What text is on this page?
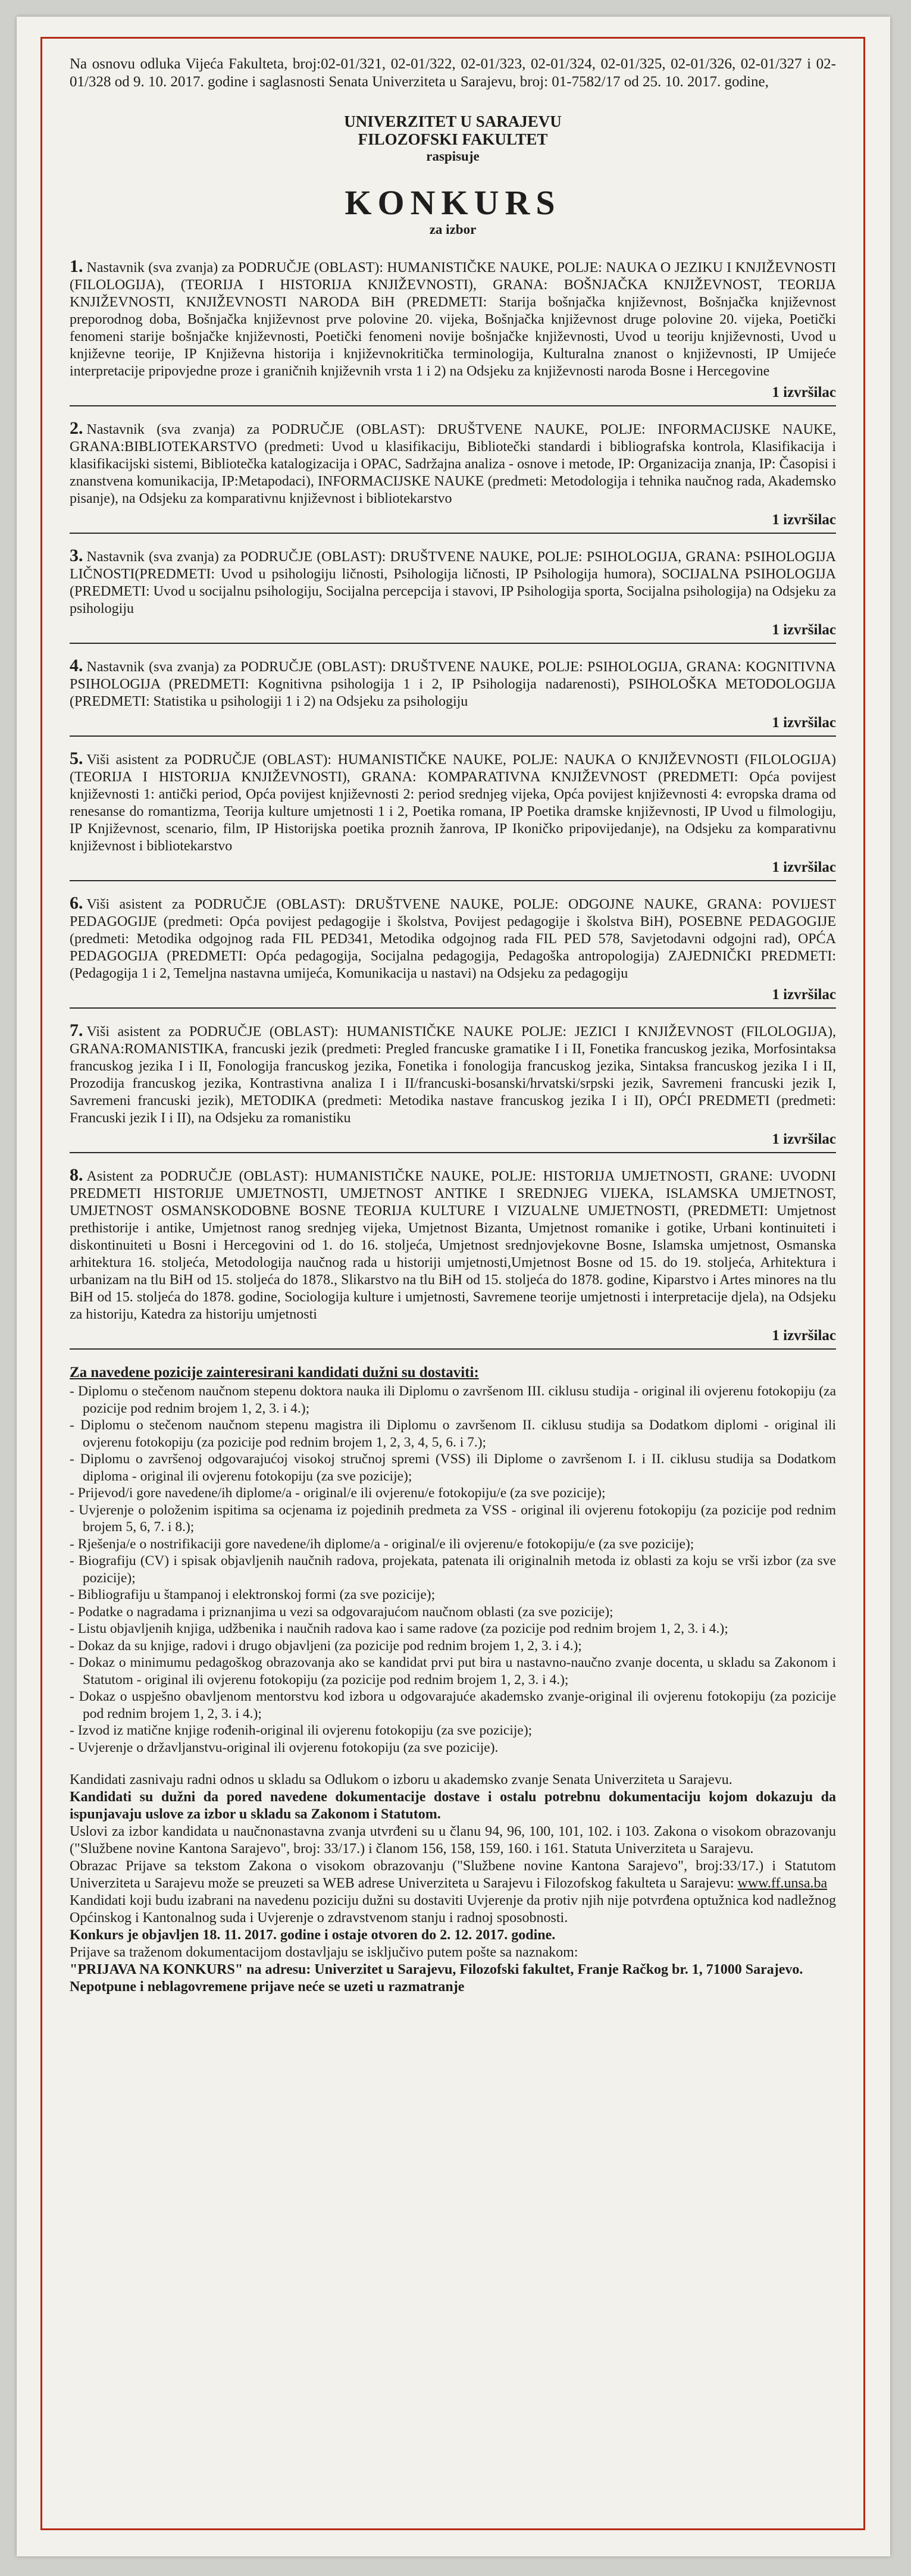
Na osnovu odluka Vijeća Fakulteta, broj:02-01/321, 02-01/322, 02-01/323, 02-01/324, 02-01/325, 02-01/326, 02-01/327 i 02-01/328 od 9. 10. 2017. godine i saglasnosti Senata Univerziteta u Sarajevu, broj: 01-7582/17 od 25. 10. 2017. godine,
UNIVERZITET U SARAJEVU
FILOZOFSKI FAKULTET
raspisuje
KONKURS
za izbor
1. Nastavnik (sva zvanja) za PODRUČJE (OBLAST): HUMANISTIČKE NAUKE, POLJE: NAUKA O JEZIKU I KNJIŽEVNOSTI (FILOLOGIJA), (TEORIJA I HISTORIJA KNJIŽEVNOSTI), GRANA: BOŠNJAČKA KNJIŽEVNOST, TEORIJA KNJIŽEVNOSTI, KNJIŽEVNOSTI NARODA BiH (PREDMETI: Starija bošnjačka književnost, Bošnjačka književnost preporodnog doba, Bošnjačka književnost prve polovine 20. vijeka, Bošnjačka književnost druge polovine 20. vijeka, Poetički fenomeni starije bošnjačke književnosti, Poetički fenomeni novije bošnjačke književnosti, Uvod u teoriju književnosti, Uvod u književne teorije, IP Književna historija i književnokritička terminologija, Kulturalna znanost o književnosti, IP Umijeće interpretacije pripovjedne proze i graničnih književnih vrsta 1 i 2) na Odsjeku za književnosti naroda Bosne i Hercegovine
1 izvršilac
2. Nastavnik (sva zvanja) za PODRUČJE (OBLAST): DRUŠTVENE NAUKE, POLJE: INFORMACIJSKE NAUKE, GRANA:BIBLIOTEKARSTVO (predmeti: Uvod u klasifikaciju, Bibliotečki standardi i bibliografska kontrola, Klasifikacija i klasifikacijski sistemi, Bibliotečka katalogizacija i OPAC, Sadržajna analiza - osnove i metode, IP: Organizacija znanja, IP: Časopisi i znanstvena komunikacija, IP:Metapodaci), INFORMACIJSKE NAUKE (predmeti: Metodologija i tehnika naučnog rada, Akademsko pisanje), na Odsjeku za komparativnu književnost i bibliotekarstvo
1 izvršilac
3. Nastavnik (sva zvanja) za PODRUČJE (OBLAST): DRUŠTVENE NAUKE, POLJE: PSIHOLOGIJA, GRANA: PSIHOLOGIJA LIČNOSTI(PREDMETI: Uvod u psihologiju ličnosti, Psihologija ličnosti, IP Psihologija humora), SOCIJALNA PSIHOLOGIJA (PREDMETI: Uvod u socijalnu psihologiju, Socijalna percepcija i stavovi, IP Psihologija sporta, Socijalna psihologija) na Odsjeku za psihologiju
1 izvršilac
4. Nastavnik (sva zvanja) za PODRUČJE (OBLAST): DRUŠTVENE NAUKE, POLJE: PSIHOLOGIJA, GRANA: KOGNITIVNA PSIHOLOGIJA (PREDMETI: Kognitivna psihologija 1 i 2, IP Psihologija nadarenosti), PSIHOLOŠKA METODOLOGIJA (PREDMETI: Statistika u psihologiji 1 i 2) na Odsjeku za psihologiju
1 izvršilac
5. Viši asistent za PODRUČJE (OBLAST): HUMANISTIČKE NAUKE, POLJE: NAUKA O KNJIŽEVNOSTI (FILOLOGIJA) (TEORIJA I HISTORIJA KNJIŽEVNOSTI), GRANA: KOMPARATIVNA KNJIŽEVNOST (PREDMETI: Opća povijest književnosti 1: antički period, Opća povijest književnosti 2: period srednjeg vijeka, Opća povijest književnosti 4: evropska drama od renesanse do romantizma, Teorija kulture umjetnosti 1 i 2, Poetika romana, IP Poetika dramske književnosti, IP Uvod u filmologiju, IP Književnost, scenario, film, IP Historijska poetika proznih žanrova, IP Ikoničko pripovijedanje), na Odsjeku za komparativnu književnost i bibliotekarstvo
1 izvršilac
6. Viši asistent za PODRUČJE (OBLAST): DRUŠTVENE NAUKE, POLJE: ODGOJNE NAUKE, GRANA: POVIJEST PEDAGOGIJE (predmeti: Opća povijest pedagogije i školstva, Povijest pedagogije i školstva BiH), POSEBNE PEDAGOGIJE (predmeti: Metodika odgojnog rada FIL PED341, Metodika odgojnog rada FIL PED 578, Savjetodavni odgojni rad), OPĆA PEDAGOGIJA (PREDMETI: Opća pedagogija, Socijalna pedagogija, Pedagoška antropologija) ZAJEDNIČKI PREDMETI: (Pedagogija 1 i 2, Temeljna nastavna umijeća, Komunikacija u nastavi) na Odsjeku za pedagogiju
1 izvršilac
7. Viši asistent za PODRUČJE (OBLAST): HUMANISTIČKE NAUKE POLJE: JEZICI I KNJIŽEVNOST (FILOLOGIJA), GRANA:ROMANISTIKA, francuski jezik (predmeti: Pregled francuske gramatike I i II, Fonetika francuskog jezika, Morfosintaksa francuskog jezika I i II, Fonologija francuskog jezika, Fonetika i fonologija francuskog jezika, Sintaksa francuskog jezika I i II, Prozodija francuskog jezika, Kontrastivna analiza I i II/francuski-bosanski/hrvatski/srpski jezik, Savremeni francuski jezik I, Savremeni francuski jezik), METODIKA (predmeti: Metodika nastave francuskog jezika I i II), OPĆI PREDMETI (predmeti: Francuski jezik I i II), na Odsjeku za romanistiku
1 izvršilac
8. Asistent za PODRUČJE (OBLAST): HUMANISTIČKE NAUKE, POLJE: HISTORIJA UMJETNOSTI, GRANE: UVODNI PREDMETI HISTORIJE UMJETNOSTI, UMJETNOST ANTIKE I SREDNJEG VIJEKA, ISLAMSKA UMJETNOST, UMJETNOST OSMANSKODOBNE BOSNE TEORIJA KULTURE I VIZUALNE UMJETNOSTI, (PREDMETI: Umjetnost prethistorije i antike, Umjetnost ranog srednjeg vijeka, Umjetnost Bizanta, Umjetnost romanike i gotike, Urbani kontinuiteti i diskontinuiteti u Bosni i Hercegovini od 1. do 16. stoljeća, Umjetnost srednjovjekovne Bosne, Islamska umjetnost, Osmanska arhitektura 16. stoljeća, Metodologija naučnog rada u historiji umjetnosti,Umjetnost Bosne od 15. do 19. stoljeća, Arhitektura i urbanizam na tlu BiH od 15. stoljeća do 1878., Slikarstvo na tlu BiH od 15. stoljeća do 1878. godine, Kiparstvo i Artes minores na tlu BiH od 15. stoljeća do 1878. godine, Sociologija kulture i umjetnosti, Savremene teorije umjetnosti i interpretacije djela), na Odsjeku za historiju, Katedra za historiju umjetnosti
1 izvršilac
Za navedene pozicije zainteresirani kandidati dužni su dostaviti:
- Diplomu o stečenom naučnom stepenu doktora nauka ili Diplomu o završenom III. ciklusu studija - original ili ovjerenu fotokopiju (za pozicije pod rednim brojem 1, 2, 3. i 4.);
- Diplomu o stečenom naučnom stepenu magistra ili Diplomu o završenom II. ciklusu studija sa Dodatkom diplomi - original ili ovjerenu fotokopiju (za pozicije pod rednim brojem 1, 2, 3, 4, 5, 6. i 7.);
- Diplomu o završenoj odgovarajućoj visokoj stručnoj spremi (VSS) ili Diplome o završenom I. i II. ciklusu studija sa Dodatkom diploma - original ili ovjerenu fotokopiju (za sve pozicije);
- Prijevod/i gore navedene/ih diplome/a - original/e ili ovjerenu/e fotokopiju/e (za sve pozicije);
- Uvjerenje o položenim ispitima sa ocjenama iz pojedinih predmeta za VSS - original ili ovjerenu fotokopiju (za pozicije pod rednim brojem 5, 6, 7. i 8.);
- Rješenja/e o nostrifikaciji gore navedene/ih diplome/a - original/e ili ovjerenu/e fotokopiju/e (za sve pozicije);
- Biografiju (CV) i spisak objavljenih naučnih radova, projekata, patenata ili originalnih metoda iz oblasti za koju se vrši izbor (za sve pozicije);
- Bibliografiju u štampanoj i elektronskoj formi (za sve pozicije);
- Podatke o nagradama i priznanjima u vezi sa odgovarajućom naučnom oblasti (za sve pozicije);
- Listu objavljenih knjiga, udžbenika i naučnih radova kao i same radove (za pozicije pod rednim brojem 1, 2, 3. i 4.);
- Dokaz da su knjige, radovi i drugo objavljeni (za pozicije pod rednim brojem 1, 2, 3. i 4.);
- Dokaz o minimumu pedagoškog obrazovanja ako se kandidat prvi put bira u nastavno-naučno zvanje docenta, u skladu sa Zakonom i Statutom - original ili ovjerenu fotokopiju (za pozicije pod rednim brojem 1, 2, 3. i 4.);
- Dokaz o uspješno obavljenom mentorstvu kod izbora u odgovarajuće akademsko zvanje-original ili ovjerenu fotokopiju (za pozicije pod rednim brojem 1, 2, 3. i 4.);
- Izvod iz matične knjige rođenih-original ili ovjerenu fotokopiju (za sve pozicije);
- Uvjerenje o državljanstvu-original ili ovjerenu fotokopiju (za sve pozicije).

Kandidati zasnivaju radni odnos u skladu sa Odlukom o izboru u akademsko zvanje Senata Univerziteta u Sarajevu.

Kandidati su dužni da pored navedene dokumentacije dostave i ostalu potrebnu dokumentaciju kojom dokazuju da ispunjavaju uslove za izbor u skladu sa Zakonom i Statutom.

Uslovi za izbor kandidata u naučnonastavna zvanja utvrđeni su u članu 94, 96, 100, 101, 102. i 103. Zakona o visokom obrazovanju ("Službene novine Kantona Sarajevo", broj: 33/17.) i članom 156, 158, 159, 160. i 161. Statuta Univerziteta u Sarajevu.

Obrazac Prijave sa tekstom Zakona o visokom obrazovanju ("Službene novine Kantona Sarajevo", broj:33/17.) i Statutom Univerziteta u Sarajevu može se preuzeti sa WEB adrese Univerziteta u Sarajevu i Filozofskog fakulteta u Sarajevu: www.ff.unsa.ba

Kandidati koji budu izabrani na navedenu poziciju dužni su dostaviti Uvjerenje da protiv njih nije potvrđena optužnica kod nadležnog Općinskog i Kantonalnog suda i Uvjerenje o zdravstvenom stanju i radnoj sposobnosti.

Konkurs je objavljen 18. 11. 2017. godine i ostaje otvoren do 2. 12. 2017. godine.

Prijave sa traženom dokumentacijom dostavljaju se isključivo putem pošte sa naznakom:

"PRIJAVA NA KONKURS" na adresu: Univerzitet u Sarajevu, Filozofski fakultet, Franje Račkog br. 1, 71000 Sarajevo.

Nepotpune i neblagovremene prijave neće se uzeti u razmatranje
